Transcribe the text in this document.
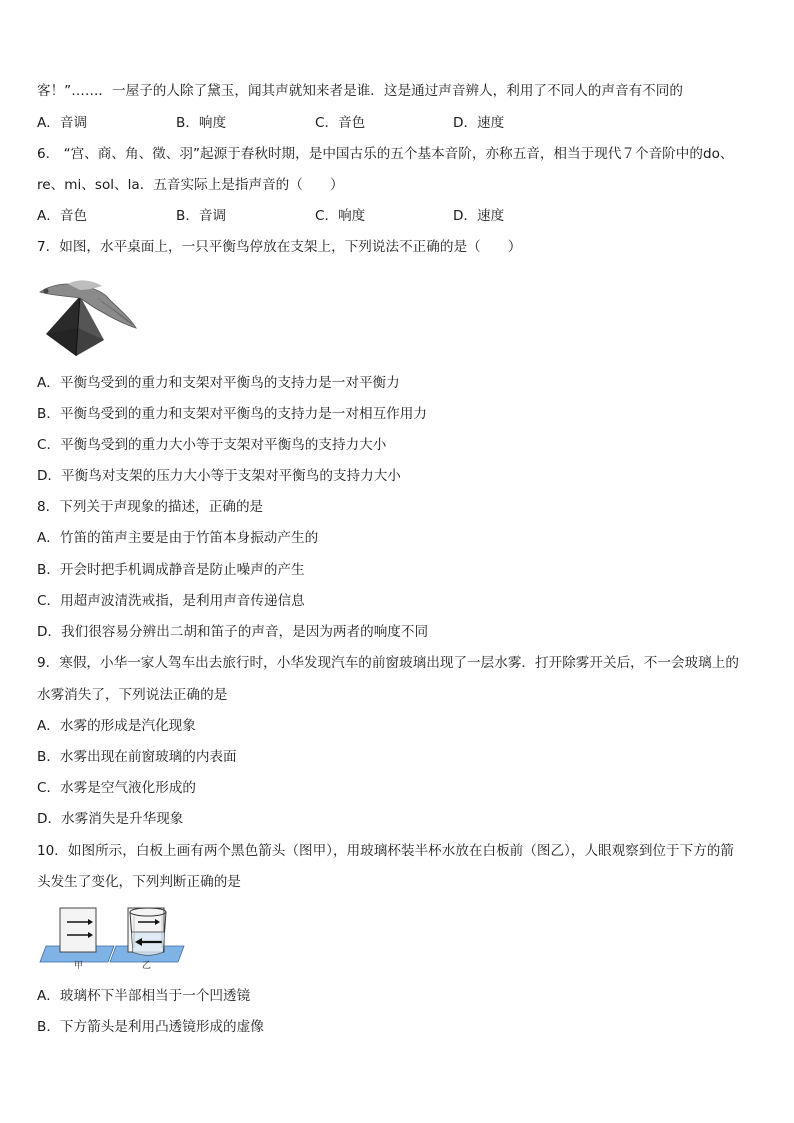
客！”……．一屋子的人除了黛玉，闻其声就知来者是谁．这是通过声音辨人，利用了不同人的声音有不同的
A．音调	B．响度	C．音色	D．速度
6． “宫、商、角、徵、羽”起源于春秋时期，是中国古乐的五个基本音阶，亦称五音，相当于现代７个音阶中的do、
re、mi、sol、la．五音实际上是指声音的（　　）
A．音色	B．音调	C．响度	D．速度
7．如图，水平桌面上，一只平衡鸟停放在支架上，下列说法不正确的是（　　）
A．平衡鸟受到的重力和支架对平衡鸟的支持力是一对平衡力
B．平衡鸟受到的重力和支架对平衡鸟的支持力是一对相互作用力
C．平衡鸟受到的重力大小等于支架对平衡鸟的支持力大小
D．平衡鸟对支架的压力大小等于支架对平衡鸟的支持力大小
8．下列关于声现象的描述，正确的是
A．竹笛的笛声主要是由于竹笛本身振动产生的
B．开会时把手机调成静音是防止噪声的产生
C．用超声波清洗戒指，是利用声音传递信息
D．我们很容易分辨出二胡和笛子的声音，是因为两者的响度不同
9．寒假，小华一家人驾车出去旅行时，小华发现汽车的前窗玻璃出现了一层水雾．打开除雾开关后，不一会玻璃上的
水雾消失了，下列说法正确的是
A．水雾的形成是汽化现象
B．水雾出现在前窗玻璃的内表面
C．水雾是空气液化形成的
D．水雾消失是升华现象
10．如图所示，白板上画有两个黑色箭头（图甲），用玻璃杯装半杯水放在白板前（图乙），人眼观察到位于下方的箭
头发生了变化，下列判断正确的是
甲	乙
A．玻璃杯下半部相当于一个凹透镜
B．下方箭头是利用凸透镜形成的虚像
